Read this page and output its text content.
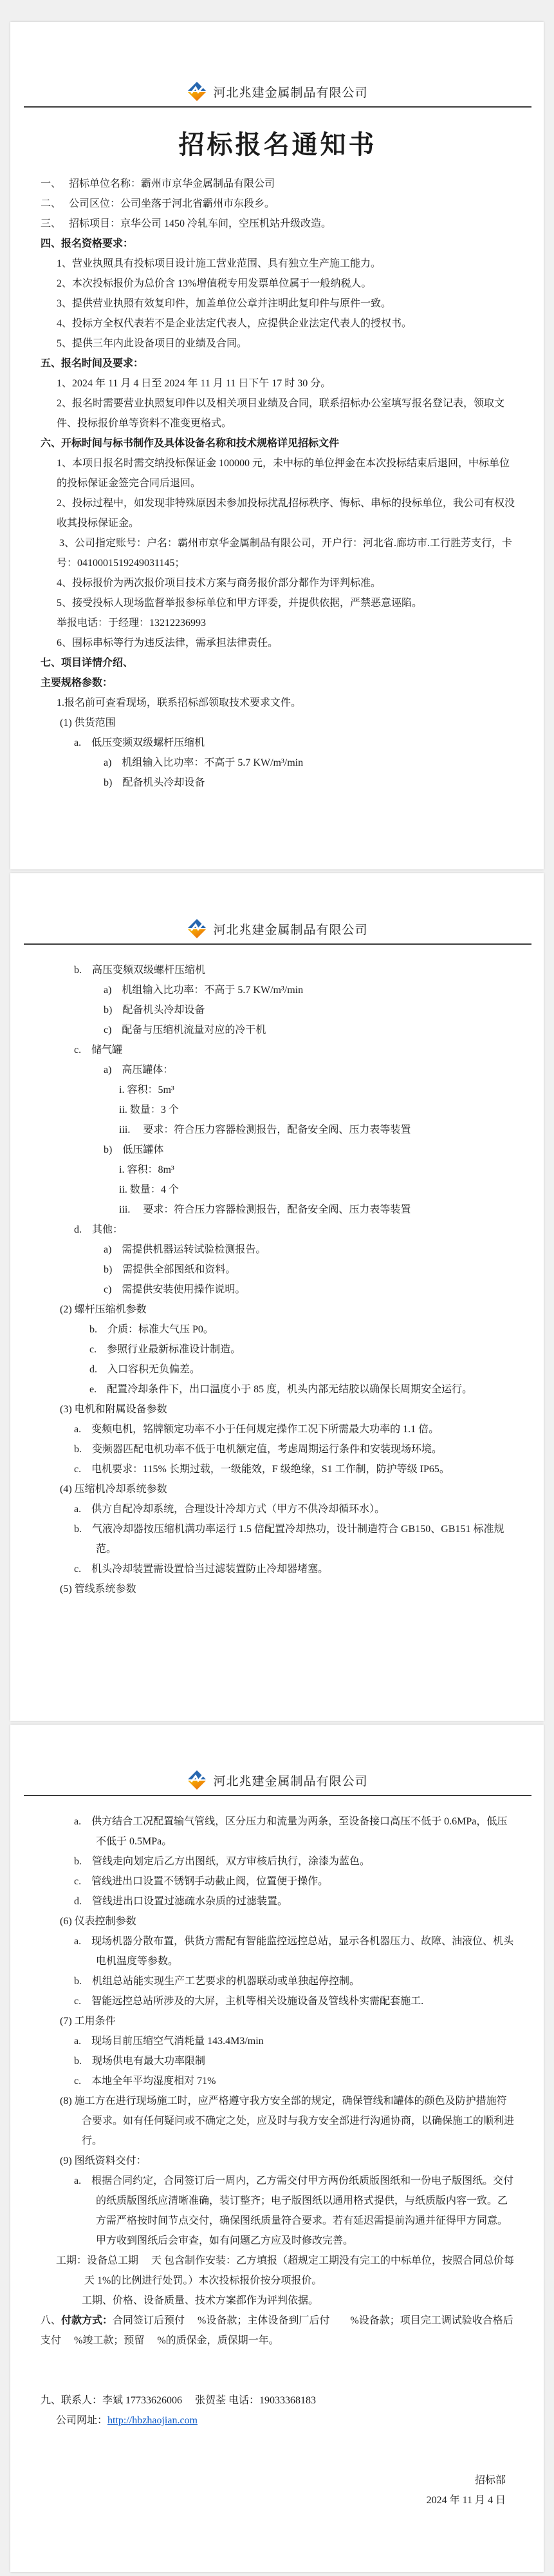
河北兆建金属制品有限公司
招标报名通知书
一、　 招标单位名称：霸州市京华金属制品有限公司
二、　 公司区位：公司坐落于河北省霸州市东段乡。
三、　 招标项目：京华公司 1450 冷轧车间，空压机站升级改造。
四、报名资格要求：
1、营业执照具有投标项目设计施工营业范围、具有独立生产施工能力。
2、本次投标报价为总价含 13%增值税专用发票单位属于一般纳税人。
3、提供营业执照有效复印件，加盖单位公章并注明此复印件与原件一致。
4、投标方全权代表若不是企业法定代表人，应提供企业法定代表人的授权书。
5、提供三年内此设备项目的业绩及合同。
五、报名时间及要求：
1、2024 年 11 月 4 日至 2024 年 11 月 11 日下午 17 时 30 分。
2、报名时需要营业执照复印件以及相关项目业绩及合同，联系招标办公室填写报名登记表，领取文件、投标报价单等资料不准变更格式。
六、开标时间与标书制作及具体设备名称和技术规格详见招标文件
1、本项日报名时需交纳投标保证金 100000 元，未中标的单位押金在本次投标结束后退回，中标单位的投标保证金签完合同后退回。
2、投标过程中，如发现非特殊原因未参加投标扰乱招标秩序、悔标、串标的投标单位，我公司有权没收其投标保证金。
3、公司指定账号：户名：霸州市京华金属制品有限公司，开户行：河北省.廊坊市.工行胜芳支行，卡号：0410001519249031145；
4、投标报价为两次报价项目技术方案与商务报价部分都作为评判标准。
5、接受投标人现场监督举报参标单位和甲方评委，并提供依据，严禁恶意诬陷。
举报电话：于经理：13212236993
6、围标串标等行为违反法律，需承担法律责任。
七、项目详情介绍、
主要规格参数：
1.报名前可查看现场，联系招标部领取技术要求文件。
(1) 供货范围
a.　低压变频双级螺杆压缩机
a)　机组输入比功率：不高于 5.7 KW/m³/min
b)　配备机头冷却设备
河北兆建金属制品有限公司
b.　高压变频双级螺杆压缩机
a)　机组输入比功率：不高于 5.7 KW/m³/min
b)　配备机头冷却设备
c)　配备与压缩机流量对应的冷干机
c.　储气罐
a)　高压罐体：
i. 容积：5m³
ii. 数量：3 个
iii.　 要求：符合压力容器检测报告，配备安全阀、压力表等装置
b)　低压罐体
i. 容积：8m³
ii. 数量：4 个
iii.　 要求：符合压力容器检测报告，配备安全阀、压力表等装置
d.　其他：
a)　需提供机器运转试验检测报告。
b)　需提供全部图纸和资料。
c)　需提供安装使用操作说明。
(2) 螺杆压缩机参数
b.　介质：标准大气压 P0。
c.　参照行业最新标准设计制造。
d.　入口容积无负偏差。
e.　配置冷却条件下，出口温度小于 85 度，机头内部无结胶以确保长周期安全运行。
(3) 电机和附属设备参数
a.　变频电机，铭牌额定功率不小于任何规定操作工况下所需最大功率的 1.1 倍。
b.　变频器匹配电机功率不低于电机额定值，考虑周期运行条件和安装现场环境。
c.　电机要求：115% 长期过载，一级能效，F 级绝缘，S1 工作制，防护等级 IP65。
(4) 压缩机冷却系统参数
a.　供方自配冷却系统，合理设计冷却方式（甲方不供冷却循环水）。
b.　气液冷却器按压缩机满功率运行 1.5 倍配置冷却热功，设计制造符合 GB150、GB151 标准规范。
c.　机头冷却装置需设置恰当过滤装置防止冷却器堵塞。
(5) 管线系统参数
河北兆建金属制品有限公司
a.　供方结合工况配置输气管线，区分压力和流量为两条，至设备接口高压不低于 0.6MPa，低压不低于 0.5MPa。
b.　管线走向划定后乙方出图纸，双方审核后执行，涂漆为蓝色。
c.　管线进出口设置不锈钢手动截止阀，位置便于操作。
d.　管线进出口设置过滤疏水杂质的过滤装置。
(6) 仪表控制参数
a.　现场机器分散布置，供货方需配有智能监控远控总站，显示各机器压力、故障、油液位、机头电机温度等参数。
b.　机组总站能实现生产工艺要求的机器联动或单独起停控制。
c.　智能远控总站所涉及的大屏，主机等相关设施设备及管线朴实需配套施工.
(7) 工用条件
a.　现场目前压缩空气消耗量 143.4M3/min
b.　现场供电有最大功率限制
c.　本地全年平均湿度相对 71%
(8) 施工方在进行现场施工时，应严格遵守我方安全部的规定，确保管线和罐体的颜色及防护措施符合要求。如有任何疑问或不确定之处，应及时与我方安全部进行沟通协商，以确保施工的顺利进行。
(9) 图纸资料交付：
a.　根据合同约定，合同签订后一周内，乙方需交付甲方两份纸质版图纸和一份电子版图纸。交付的纸质版图纸应清晰准确，装订整齐；电子版图纸以通用格式提供，与纸质版内容一致。乙方需严格按时间节点交付，确保图纸质量符合要求。若有延迟需提前沟通并征得甲方同意。甲方收到图纸后会审查，如有问题乙方应及时修改完善。
工期：设备总工期　 天 包含制作安装：乙方填报（超规定工期没有完工的中标单位，按照合同总价每天 1%的比例进行处罚。）本次投标报价按分项报价。
工期、价格、设备质量、技术方案都作为评判依据。
八、付款方式：合同签订后预付　 %设备款；主体设备到厂后付　　%设备款；项目完工调试验收合格后支付　 %竣工款；预留　 %的质保金，质保期一年。
九、联系人：李斌 17733626006　 张贺荃 电话：19033368183
公司网址：http://hbzhaojian.com
招标部
2024 年 11 月 4 日
